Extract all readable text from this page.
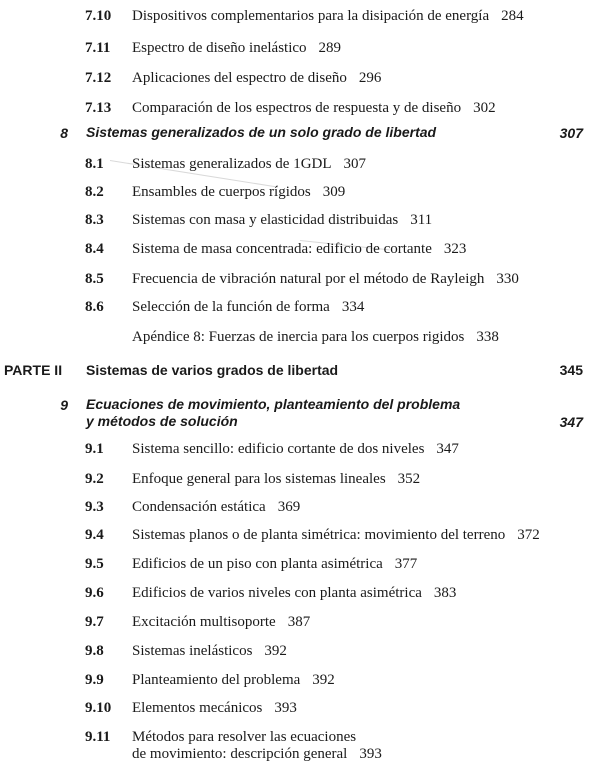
7.10 Dispositivos complementarios para la disipación de energía 284
7.11 Espectro de diseño inelástico 289
7.12 Aplicaciones del espectro de diseño 296
7.13 Comparación de los espectros de respuesta y de diseño 302
8 Sistemas generalizados de un solo grado de libertad	307
8.1 Sistemas generalizados de 1GDL 307
8.2 Ensambles de cuerpos rígidos 309
8.3 Sistemas con masa y elasticidad distribuidas 311
8.4 Sistema de masa concentrada: edificio de cortante 323
8.5 Frecuencia de vibración natural por el método de Rayleigh 330
8.6 Selección de la función de forma 334
Apéndice 8: Fuerzas de inercia para los cuerpos rigidos 338
PARTE II Sistemas de varios grados de libertad	345
9 Ecuaciones de movimiento, planteamiento del problema
y métodos de solución	347
9.1 Sistema sencillo: edificio cortante de dos niveles 347
9.2 Enfoque general para los sistemas lineales 352
9.3 Condensación estática 369
9.4 Sistemas planos o de planta simétrica: movimiento del terreno 372
9.5 Edificios de un piso con planta asimétrica 377
9.6 Edificios de varios niveles con planta asimétrica 383
9.7 Excitación multisoporte 387
9.8 Sistemas inelásticos 392
9.9 Planteamiento del problema 392
9.10 Elementos mecánicos 393
9.11 Métodos para resolver las ecuaciones
de movimiento: descripción general 393
